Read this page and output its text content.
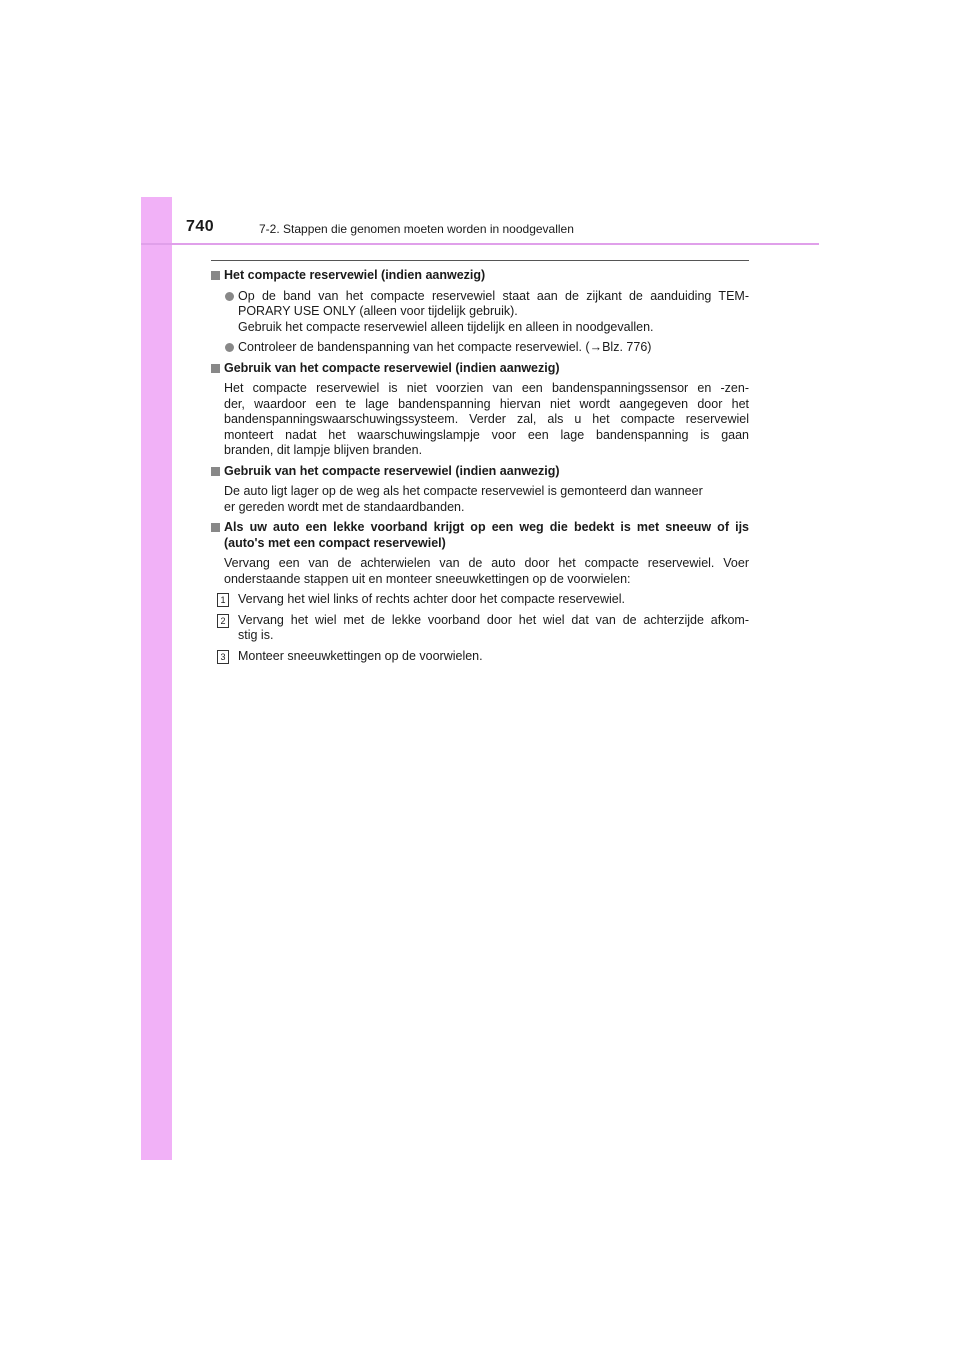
740	7-2. Stappen die genomen moeten worden in noodgevallen
Het compacte reservewiel (indien aanwezig)
Op de band van het compacte reservewiel staat aan de zijkant de aanduiding TEM-
PORARY USE ONLY (alleen voor tijdelijk gebruik).
Gebruik het compacte reservewiel alleen tijdelijk en alleen in noodgevallen.
Controleer de bandenspanning van het compacte reservewiel. (→Blz. 776)
Gebruik van het compacte reservewiel (indien aanwezig)
Het compacte reservewiel is niet voorzien van een bandenspanningssensor en -zen-
der, waardoor een te lage bandenspanning hiervan niet wordt aangegeven door het
bandenspanningswaarschuwingssysteem. Verder zal, als u het compacte reservewiel
monteert nadat het waarschuwingslampje voor een lage bandenspanning is gaan
branden, dit lampje blijven branden.
Gebruik van het compacte reservewiel (indien aanwezig)
De auto ligt lager op de weg als het compacte reservewiel is gemonteerd dan wanneer
er gereden wordt met de standaardbanden.
Als uw auto een lekke voorband krijgt op een weg die bedekt is met sneeuw of ijs
(auto's met een compact reservewiel)
Vervang een van de achterwielen van de auto door het compacte reservewiel. Voer
onderstaande stappen uit en monteer sneeuwkettingen op de voorwielen:
1 Vervang het wiel links of rechts achter door het compacte reservewiel.
2 Vervang het wiel met de lekke voorband door het wiel dat van de achterzijde afkom-
stig is.
3 Monteer sneeuwkettingen op de voorwielen.
